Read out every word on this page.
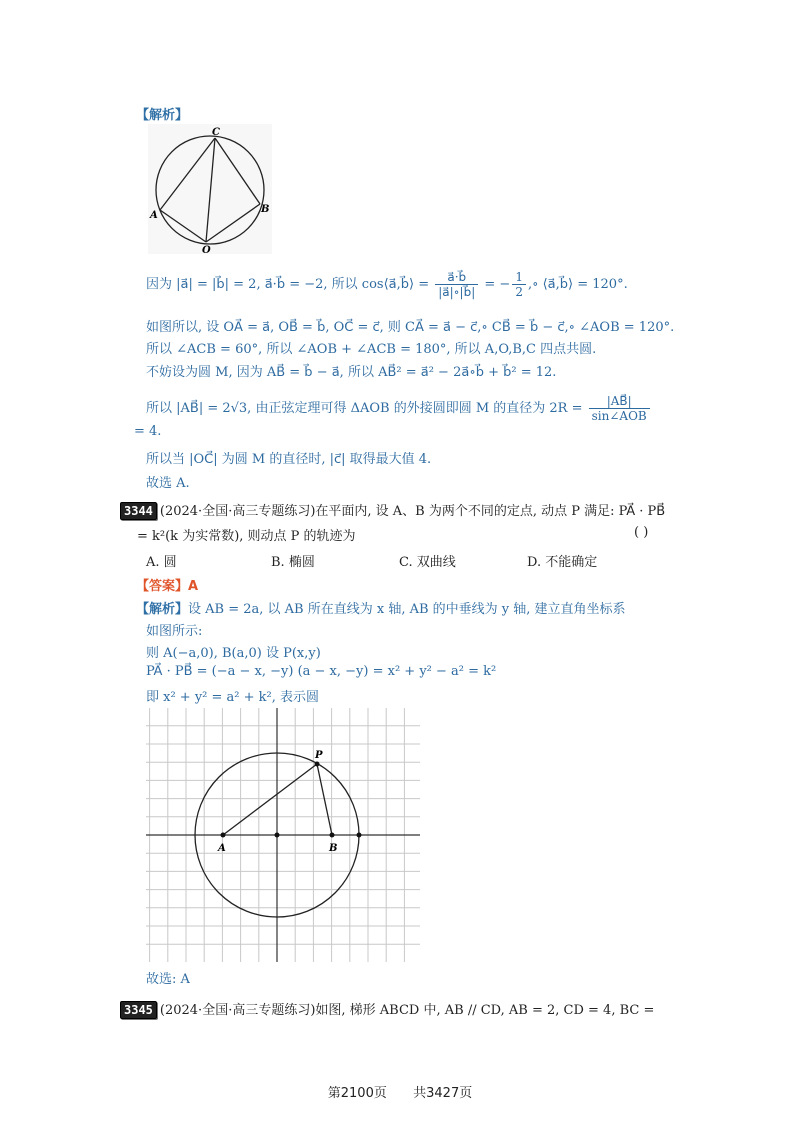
【解析】
C
B
A
O
因为 |a⃗| = |b⃗| = 2, a⃗·b⃗ = −2, 所以 cos⟨a⃗,b⃗⟩ = $\frac{a⃗\cdot b⃗}{|a⃗|\circ|b⃗|}$ = − $\frac{1}{2}$ ,∘ ⟨a⃗,b⃗⟩ = 120°.
如图所以, 设 OA⃗ = a⃗, OB⃗ = b⃗, OC⃗ = c⃗, 则 CA⃗ = a⃗ − c⃗,∘ CB⃗ = b⃗ − c⃗,∘ ∠AOB = 120°.
所以 ∠ACB = 60°, 所以 ∠AOB + ∠ACB = 180°, 所以 A,O,B,C 四点共圆.
不妨设为圆 M, 因为 AB⃗ = b⃗ − a⃗, 所以 AB⃗² = a⃗² − 2a⃗∘b⃗ + b⃗² = 12.
所以 |AB⃗| = 2√3, 由正弦定理可得 ΔAOB 的外接圆即圆 M 的直径为 $2R = \frac{|AB⃗|}{\text{sin∠AOB}}$
= 4.
所以当 |OC⃗| 为圆 M 的直径时, |c⃗| 取得最大值 4.
故选 A.
3344 (2024·全国·高三专题练习)在平面内, 设 A、B 为两个不同的定点, 动点 P 满足: PA⃗ · PB⃗
= k²(k 为实常数), 则动点 P 的轨迹为	( )
A. 圆	B. 椭圆	C. 双曲线	D. 不能确定
【答案】A
【解析】设 AB = 2a, 以 AB 所在直线为 x 轴, AB 的中垂线为 y 轴, 建立直角坐标系
如图所示:
则 A(−a,0), B(a,0) 设 P(x,y)
PA⃗ · PB⃗ = (−a − x, −y) (a − x, −y) = x² + y² − a² = k²
即 x² + y² = a² + k², 表示圆
P
A	B
故选: A
3345 (2024·全国·高三专题练习)如图, 梯形 ABCD 中, AB // CD, AB = 2, CD = 4, BC =
第2100页 共3427页
